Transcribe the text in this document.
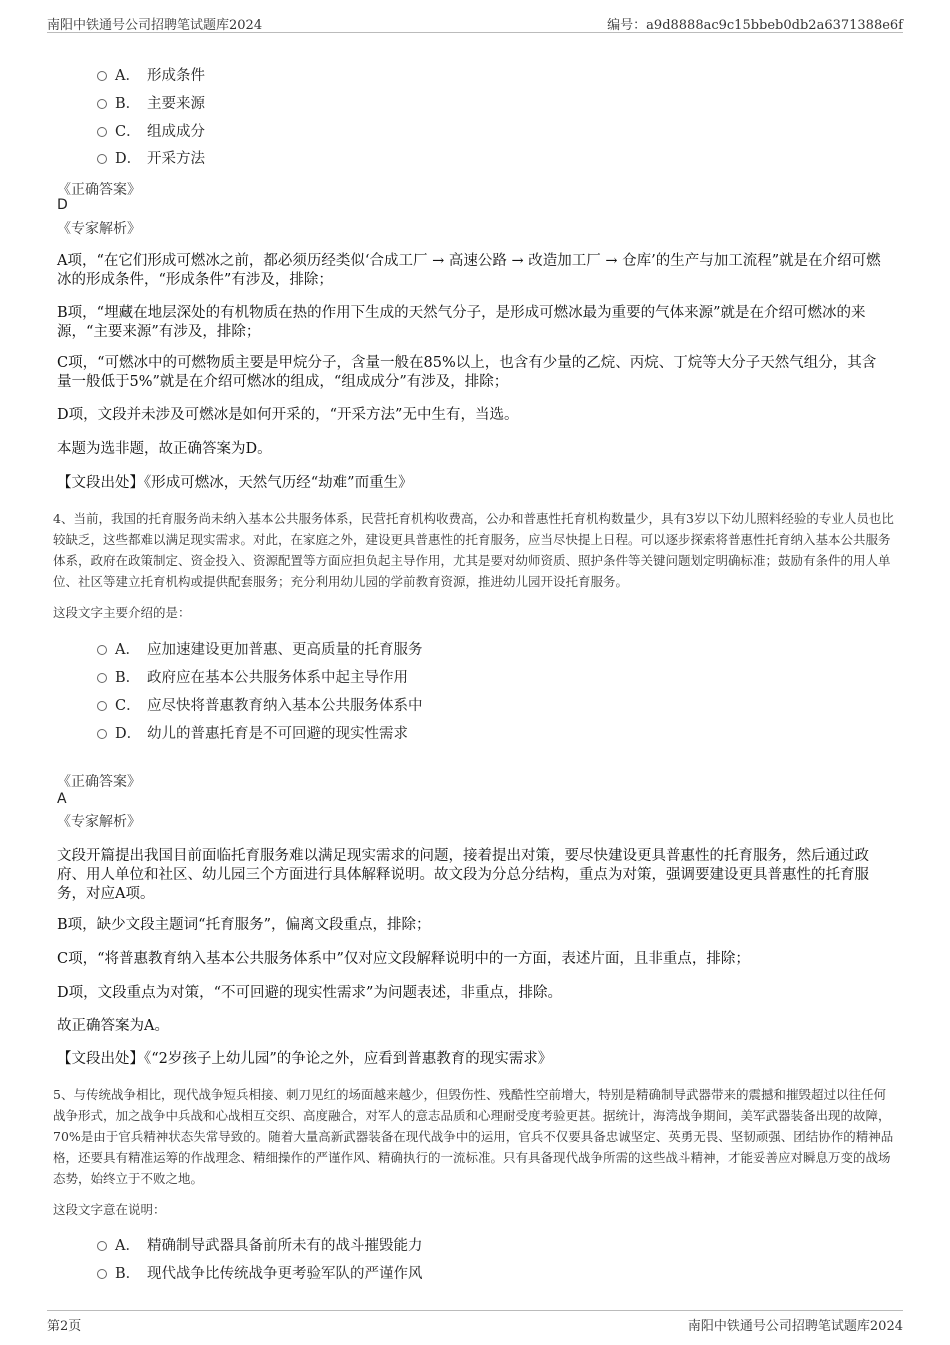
南阳中铁通号公司招聘笔试题库2024	编号：a9d8888ac9c15bbeb0db2a6371388e6f
A． 形成条件
B． 主要来源
C． 组成成分
D． 开采方法
《正确答案》
D
《专家解析》
A项，“在它们形成可燃冰之前，都必须历经类似‘合成工厂 → 高速公路 → 改造加工厂 → 仓库’的生产与加工流程”就是在介绍可燃冰的形成条件，“形成条件”有涉及，排除；
B项，“埋藏在地层深处的有机物质在热的作用下生成的天然气分子，是形成可燃冰最为重要的气体来源”就是在介绍可燃冰的来源，“主要来源”有涉及，排除；
C项，“可燃冰中的可燃物质主要是甲烷分子，含量一般在85%以上，也含有少量的乙烷、丙烷、丁烷等大分子天然气组分，其含量一般低于5%”就是在介绍可燃冰的组成，“组成成分”有涉及，排除；
D项，文段并未涉及可燃冰是如何开采的，“开采方法”无中生有，当选。
本题为选非题，故正确答案为D。
【文段出处】《形成可燃冰，天然气历经“劫难”而重生》
4、当前，我国的托育服务尚未纳入基本公共服务体系，民营托育机构收费高，公办和普惠性托育机构数量少，具有3岁以下幼儿照料经验的专业人员也比较缺乏，这些都难以满足现实需求。对此，在家庭之外，建设更具普惠性的托育服务，应当尽快提上日程。可以逐步探索将普惠性托育纳入基本公共服务体系，政府在政策制定、资金投入、资源配置等方面应担负起主导作用，尤其是要对幼师资质、照护条件等关键问题划定明确标准；鼓励有条件的用人单位、社区等建立托育机构或提供配套服务；充分利用幼儿园的学前教育资源，推进幼儿园开设托育服务。
这段文字主要介绍的是：
A． 应加速建设更加普惠、更高质量的托育服务
B． 政府应在基本公共服务体系中起主导作用
C． 应尽快将普惠教育纳入基本公共服务体系中
D． 幼儿的普惠托育是不可回避的现实性需求
《正确答案》
A
《专家解析》
文段开篇提出我国目前面临托育服务难以满足现实需求的问题，接着提出对策，要尽快建设更具普惠性的托育服务，然后通过政府、用人单位和社区、幼儿园三个方面进行具体解释说明。故文段为分总分结构，重点为对策，强调要建设更具普惠性的托育服务，对应A项。
B项，缺少文段主题词“托育服务”，偏离文段重点，排除；
C项，“将普惠教育纳入基本公共服务体系中”仅对应文段解释说明中的一方面，表述片面，且非重点，排除；
D项，文段重点为对策，“不可回避的现实性需求”为问题表述，非重点，排除。
故正确答案为A。
【文段出处】《“2岁孩子上幼儿园”的争论之外，应看到普惠教育的现实需求》
5、与传统战争相比，现代战争短兵相接、刺刀见红的场面越来越少，但毁伤性、残酷性空前增大，特别是精确制导武器带来的震撼和摧毁超过以往任何战争形式，加之战争中兵战和心战相互交织、高度融合，对军人的意志品质和心理耐受度考验更甚。据统计，海湾战争期间，美军武器装备出现的故障，70%是由于官兵精神状态失常导致的。随着大量高新武器装备在现代战争中的运用，官兵不仅要具备忠诚坚定、英勇无畏、坚韧顽强、团结协作的精神品格，还要具有精准运筹的作战理念、精细操作的严谨作风、精确执行的一流标准。只有具备现代战争所需的这些战斗精神，才能妥善应对瞬息万变的战场态势，始终立于不败之地。
这段文字意在说明：
A． 精确制导武器具备前所未有的战斗摧毁能力
B． 现代战争比传统战争更考验军队的严谨作风
第2页	南阳中铁通号公司招聘笔试题库2024
